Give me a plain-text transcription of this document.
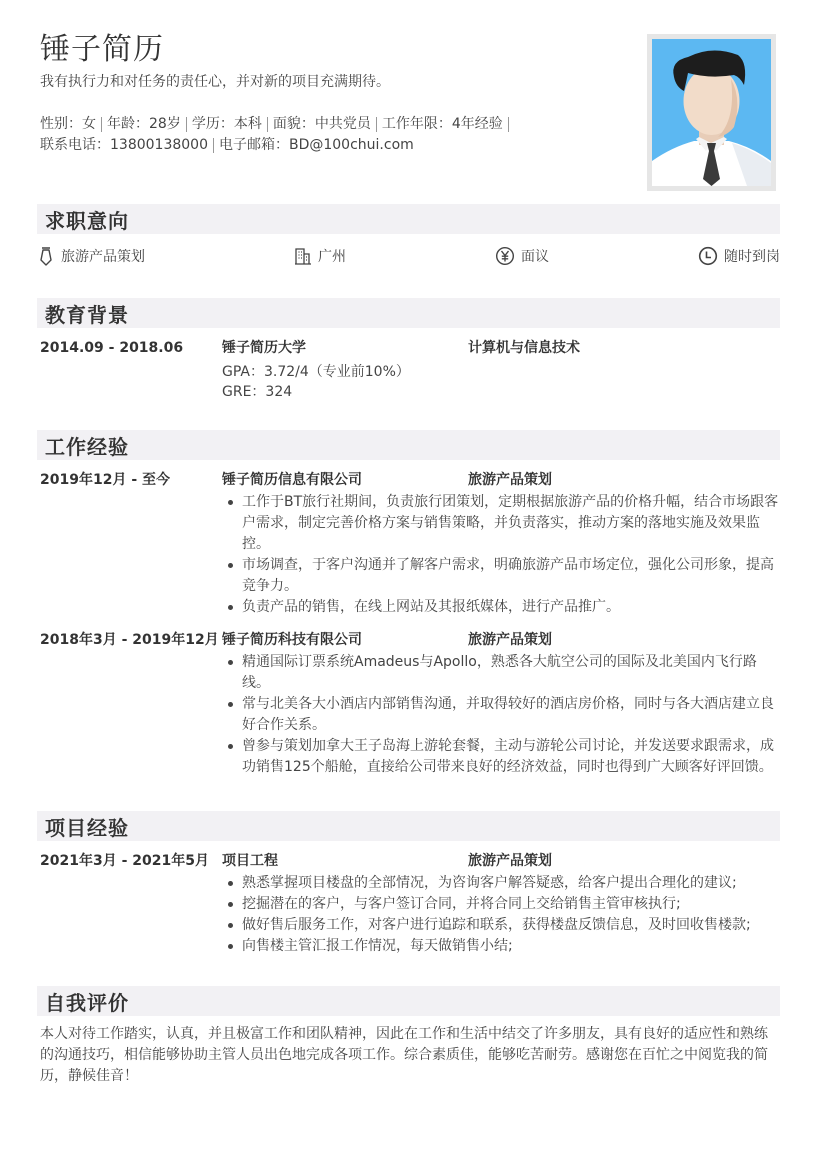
锤子简历
我有执行力和对任务的责任心，并对新的项目充满期待。
性别：女 年龄：28岁 学历：本科 面貌：中共党员 工作年限：4年经验
联系电话：13800138000 电子邮箱：BD@100chui.com
求职意向
旅游产品策划	广州	面议	随时到岗
教育背景
2014.09 - 2018.06	锤子简历大学	计算机与信息技术
GPA：3.72/4（专业前10%）
GRE：324
工作经验
2019年12月 - 至今	锤子简历信息有限公司	旅游产品策划
工作于BT旅行社期间，负责旅行团策划，定期根据旅游产品的价格升幅，结合市场跟客户需求，制定完善价格方案与销售策略，并负责落实，推动方案的落地实施及效果监控。
市场调查，于客户沟通并了解客户需求，明确旅游产品市场定位，强化公司形象，提高竞争力。
负责产品的销售，在线上网站及其报纸媒体，进行产品推广。
2018年3月 - 2019年12月 锤子简历科技有限公司	旅游产品策划
精通国际订票系统Amadeus与Apollo，熟悉各大航空公司的国际及北美国内飞行路线。
常与北美各大小酒店内部销售沟通，并取得较好的酒店房价格，同时与各大酒店建立良好合作关系。
曾参与策划加拿大王子岛海上游轮套餐，主动与游轮公司讨论，并发送要求跟需求，成功销售125个船舱，直接给公司带来良好的经济效益，同时也得到广大顾客好评回馈。
项目经验
2021年3月 - 2021年5月 项目工程	旅游产品策划
熟悉掌握项目楼盘的全部情况，为咨询客户解答疑惑，给客户提出合理化的建议;
挖掘潜在的客户，与客户签订合同，并将合同上交给销售主管审核执行;
做好售后服务工作，对客户进行追踪和联系，获得楼盘反馈信息，及时回收售楼款;
向售楼主管汇报工作情况，每天做销售小结;
自我评价
本人对待工作踏实，认真，并且极富工作和团队精神，因此在工作和生活中结交了许多朋友，具有良好的适应性和熟练的沟通技巧，相信能够协助主管人员出色地完成各项工作。综合素质佳，能够吃苦耐劳。感谢您在百忙之中阅览我的简历，静候佳音！
